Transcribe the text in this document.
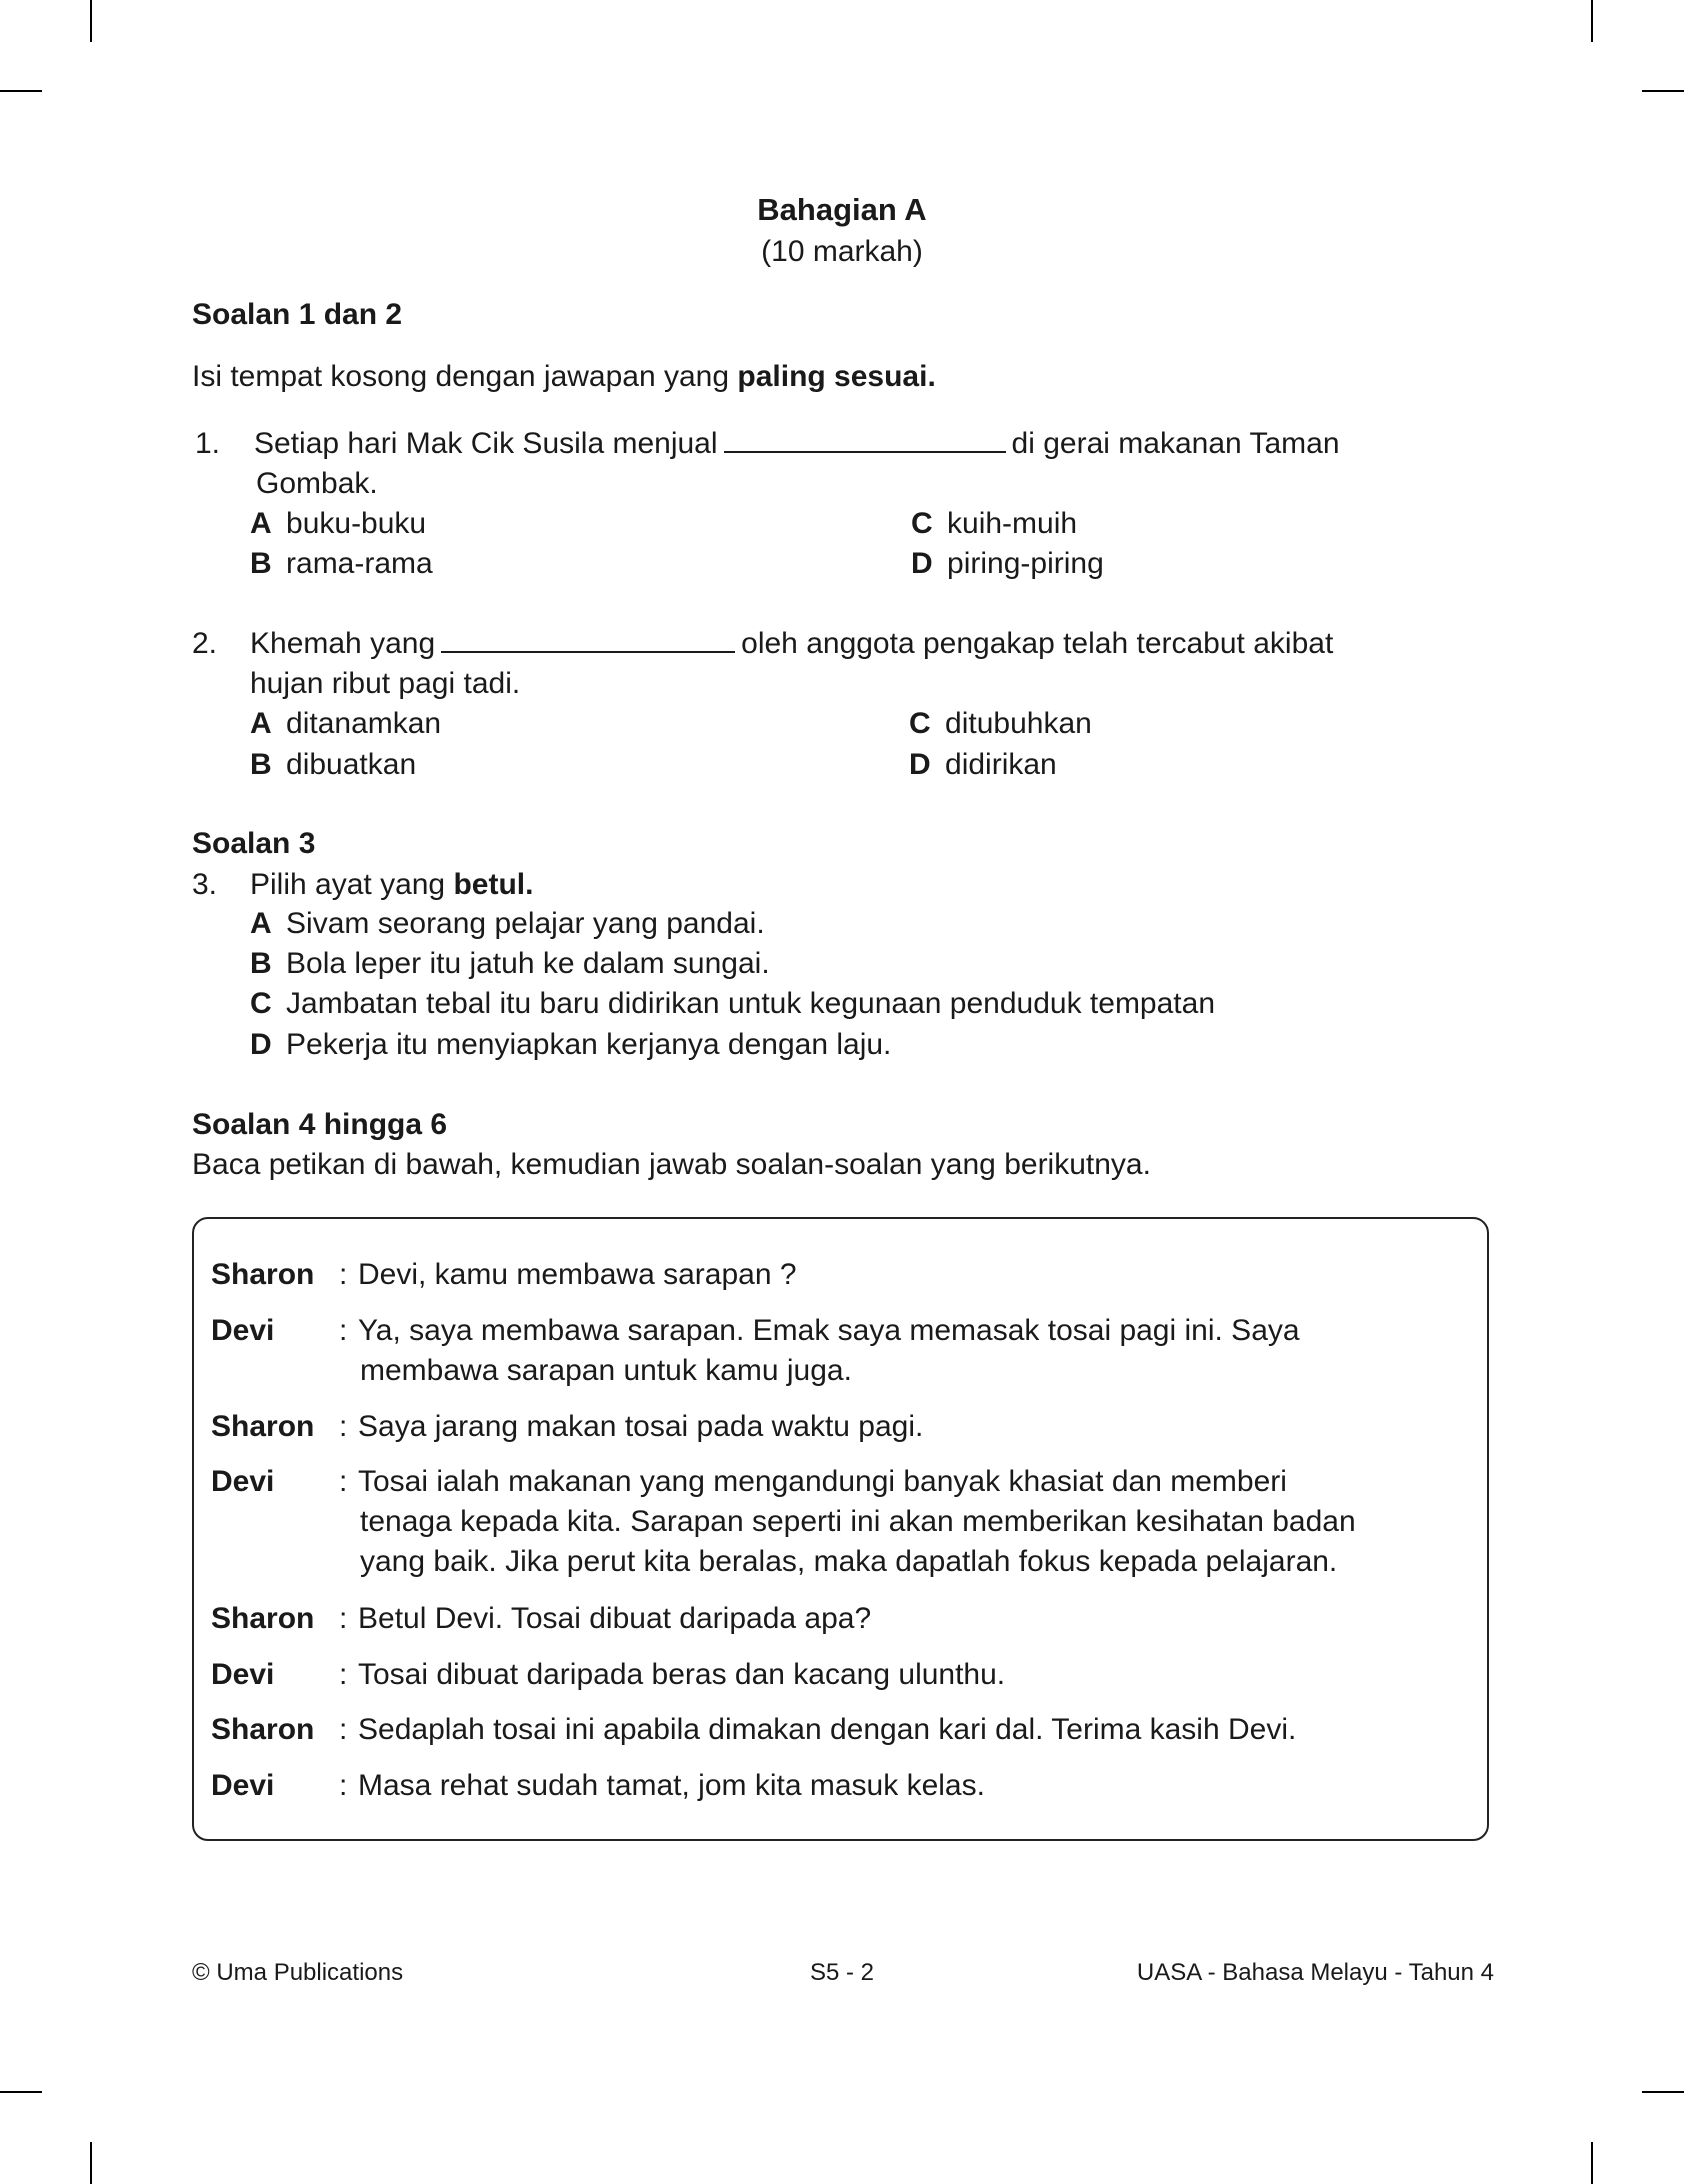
Bahagian A
(10 markah)
Soalan 1 dan 2
Isi tempat kosong dengan jawapan yang paling sesuai.
1. Setiap hari Mak Cik Susila menjual	di gerai makanan Taman
Gombak.
A buku-buku
B rama-rama
C kuih-muih
D piring-piring
2. Khemah yang	oleh anggota pengakap telah tercabut akibat
hujan ribut pagi tadi.
A ditanamkan
B dibuatkan
C ditubuhkan
D didirikan
Soalan 3
3. Pilih ayat yang betul.
A Sivam seorang pelajar yang pandai.
B Bola leper itu jatuh ke dalam sungai.
C Jambatan tebal itu baru didirikan untuk kegunaan penduduk tempatan
D Pekerja itu menyiapkan kerjanya dengan laju.
Soalan 4 hingga 6
Baca petikan di bawah, kemudian jawab soalan-soalan yang berikutnya.
Sharon : Devi, kamu membawa sarapan ?
Devi : Ya, saya membawa sarapan. Emak saya memasak tosai pagi ini. Saya
membawa sarapan untuk kamu juga.
Sharon : Saya jarang makan tosai pada waktu pagi.
Devi : Tosai ialah makanan yang mengandungi banyak khasiat dan memberi
tenaga kepada kita. Sarapan seperti ini akan memberikan kesihatan badan
yang baik. Jika perut kita beralas, maka dapatlah fokus kepada pelajaran.
Sharon : Betul Devi. Tosai dibuat daripada apa?
Devi : Tosai dibuat daripada beras dan kacang ulunthu.
Sharon : Sedaplah tosai ini apabila dimakan dengan kari dal. Terima kasih Devi.
Devi : Masa rehat sudah tamat, jom kita masuk kelas.
© Uma Publications	S5 - 2	UASA - Bahasa Melayu - Tahun 4
